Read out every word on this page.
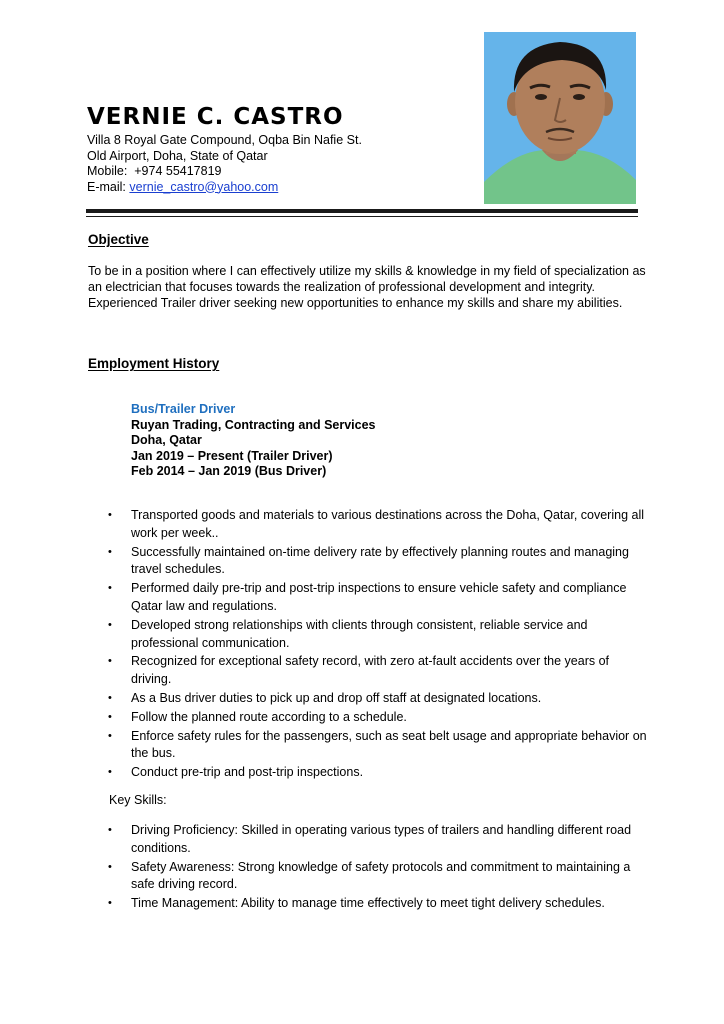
VERNIE C. CASTRO
Villa 8 Royal Gate Compound, Oqba Bin Nafie St.
Old Airport, Doha, State of Qatar
Mobile: +974 55417819
E-mail: vernie_castro@yahoo.com
Objective

To be in a position where I can effectively utilize my skills & knowledge in my field of specialization as an electrician that focuses towards the realization of professional development and integrity. Experienced Trailer driver seeking new opportunities to enhance my skills and share my abilities.

Employment History
Bus/Trailer Driver
Ruyan Trading, Contracting and Services
Doha, Qatar
Jan 2019 – Present (Trailer Driver)
Feb 2014 – Jan 2019 (Bus Driver)
• Transported goods and materials to various destinations across the Doha, Qatar, covering all work per week..
• Successfully maintained on-time delivery rate by effectively planning routes and managing travel schedules.
• Performed daily pre-trip and post-trip inspections to ensure vehicle safety and compliance Qatar law and regulations.
• Developed strong relationships with clients through consistent, reliable service and professional communication.
• Recognized for exceptional safety record, with zero at-fault accidents over the years of driving.
• As a Bus driver duties to pick up and drop off staff at designated locations.
• Follow the planned route according to a schedule.
• Enforce safety rules for the passengers, such as seat belt usage and appropriate behavior on the bus.
• Conduct pre-trip and post-trip inspections.
Key Skills:
• Driving Proficiency: Skilled in operating various types of trailers and handling different road conditions.
• Safety Awareness: Strong knowledge of safety protocols and commitment to maintaining a safe driving record.
• Time Management: Ability to manage time effectively to meet tight delivery schedules.
